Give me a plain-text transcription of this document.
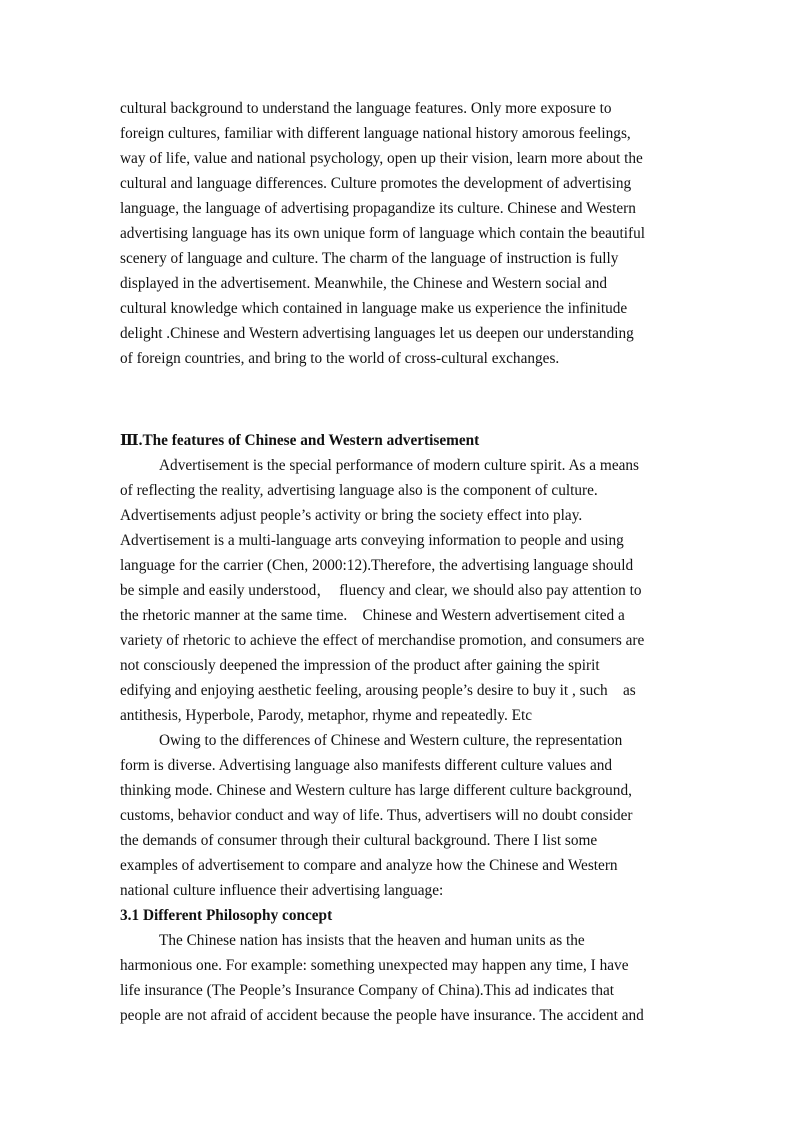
cultural background to understand the language features. Only more exposure to
foreign cultures, familiar with different language national history amorous feelings,
way of life, value and national psychology, open up their vision, learn more about the
cultural and language differences. Culture promotes the development of advertising
language, the language of advertising propagandize its culture. Chinese and Western
advertising language has its own unique form of language which contain the beautiful
scenery of language and culture. The charm of the language of instruction is fully
displayed in the advertisement. Meanwhile, the Chinese and Western social and
cultural knowledge which contained in language make us experience the infinitude
delight .Chinese and Western advertising languages let us deepen our understanding
of foreign countries, and bring to the world of cross-cultural exchanges.
Ⅲ.The features of Chinese and Western advertisement
Advertisement is the special performance of modern culture spirit. As a means
of reflecting the reality, advertising language also is the component of culture.
Advertisements adjust people’s activity or bring the society effect into play.
Advertisement is a multi-language arts conveying information to people and using
language for the carrier (Chen, 2000:12).Therefore, the advertising language should
be simple and easily understood，  fluency and clear, we should also pay attention to
the rhetoric manner at the same time.    Chinese and Western advertisement cited a
variety of rhetoric to achieve the effect of merchandise promotion, and consumers are
not consciously deepened the impression of the product after gaining the spirit
edifying and enjoying aesthetic feeling, arousing people’s desire to buy it , such    as
antithesis, Hyperbole, Parody, metaphor, rhyme and repeatedly. Etc
Owing to the differences of Chinese and Western culture, the representation
form is diverse. Advertising language also manifests different culture values and
thinking mode. Chinese and Western culture has large different culture background,
customs, behavior conduct and way of life. Thus, advertisers will no doubt consider
the demands of consumer through their cultural background. There I list some
examples of advertisement to compare and analyze how the Chinese and Western
national culture influence their advertising language:
3.1 Different Philosophy concept
The Chinese nation has insists that the heaven and human units as the
harmonious one. For example: something unexpected may happen any time, I have
life insurance (The People’s Insurance Company of China).This ad indicates that
people are not afraid of accident because the people have insurance. The accident and
